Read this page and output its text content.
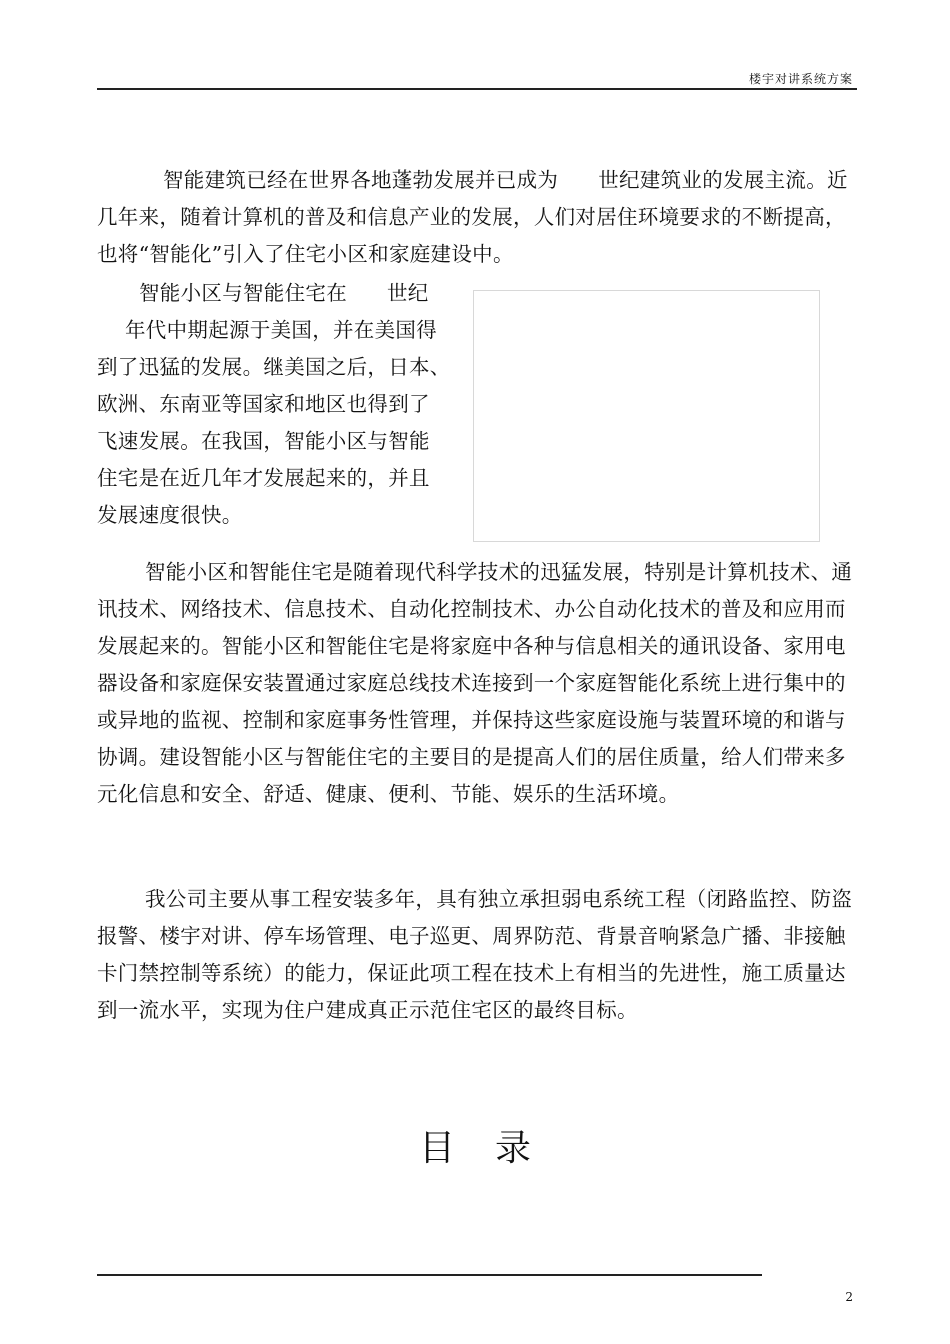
楼宇对讲系统方案

智能建筑已经在世界各地蓬勃发展并已成为 世纪建筑业的发展主流。近几年来，随着计算机的普及和信息产业的发展，人们对居住环境要求的不断提高，也将“智能化”引入了住宅小区和家庭建设中。

智能小区与智能住宅在 世纪
年代中期起源于美国，并在美国得
到了迅猛的发展。继美国之后，日本、
欧洲、东南亚等国家和地区也得到了
飞速发展。在我国，智能小区与智能
住宅是在近几年才发展起来的，并且
发展速度很快。

智能小区和智能住宅是随着现代科学技术的迅猛发展，特别是计算机技术、通讯技术、网络技术、信息技术、自动化控制技术、办公自动化技术的普及和应用而发展起来的。智能小区和智能住宅是将家庭中各种与信息相关的通讯设备、家用电器设备和家庭保安装置通过家庭总线技术连接到一个家庭智能化系统上进行集中的或异地的监视、控制和家庭事务性管理，并保持这些家庭设施与装置环境的和谐与协调。建设智能小区与智能住宅的主要目的是提高人们的居住质量，给人们带来多元化信息和安全、舒适、健康、便利、节能、娱乐的生活环境。

我公司主要从事工程安装多年，具有独立承担弱电系统工程（闭路监控、防盗报警、楼宇对讲、停车场管理、电子巡更、周界防范、背景音响紧急广播、非接触卡门禁控制等系统）的能力，保证此项工程在技术上有相当的先进性，施工质量达到一流水平，实现为住户建成真正示范住宅区的最终目标。

目录
2
